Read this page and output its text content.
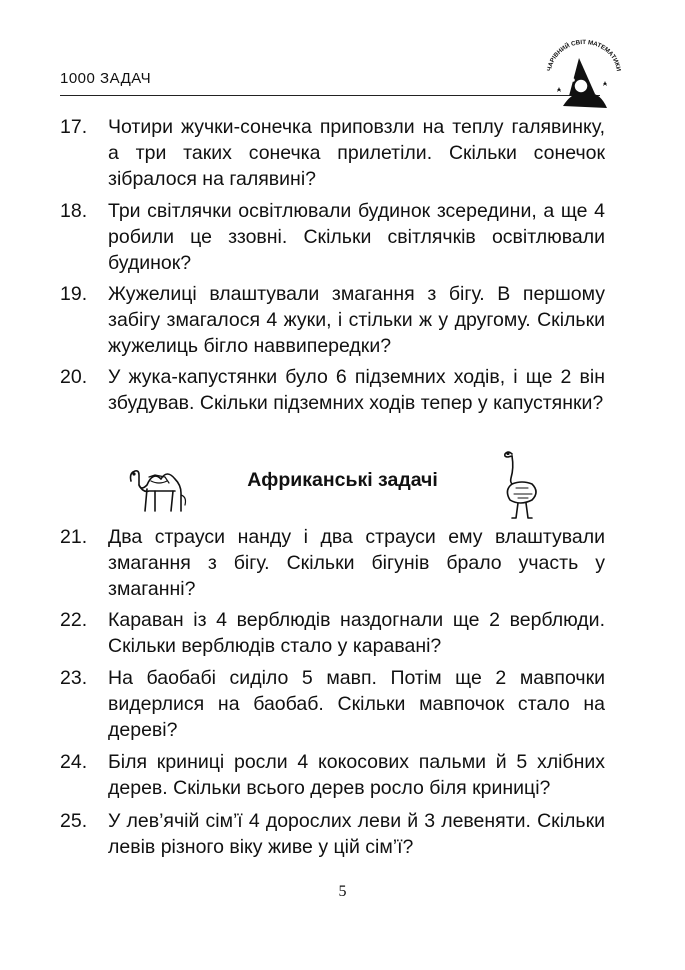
1000 ЗАДАЧ
ЧАРІВНИЙ СВІТ МАТЕМАТИКИ
17.	Чотири жучки-сонечка приповзли на теплу галявинку, а три таких сонечка прилетіли. Скільки сонечок зібралося на галявині?
18.	Три світлячки освітлювали будинок зсередини, а ще 4 робили це ззовні. Скільки світлячків освітлювали будинок?
19.	Жужелиці влаштували змагання з бігу. В першому забігу змагалося 4 жуки, і стільки ж у другому. Скільки жужелиць бігло наввипередки?
20.	У жука-капустянки було 6 підземних ходів, і ще 2 він збудував. Скільки підземних ходів тепер у капустянки?
Африканські задачі
21.	Два страуси нанду і два страуси ему влаштували змагання з бігу. Скільки бігунів брало участь у змаганні?
22.	Караван із 4 верблюдів наздогнали ще 2 верблюди. Скільки верблюдів стало у каравані?
23.	На баобабі сиділо 5 мавп. Потім ще 2 мавпочки видерлися на баобаб. Скільки мавпочок стало на дереві?
24.	Біля криниці росли 4 кокосових пальми й 5 хлібних дерев. Скільки всього дерев росло біля криниці?
25.	У лев’ячій сім’ї 4 дорослих леви й 3 левеняти. Скільки левів різного віку живе у цій сім’ї?
5
